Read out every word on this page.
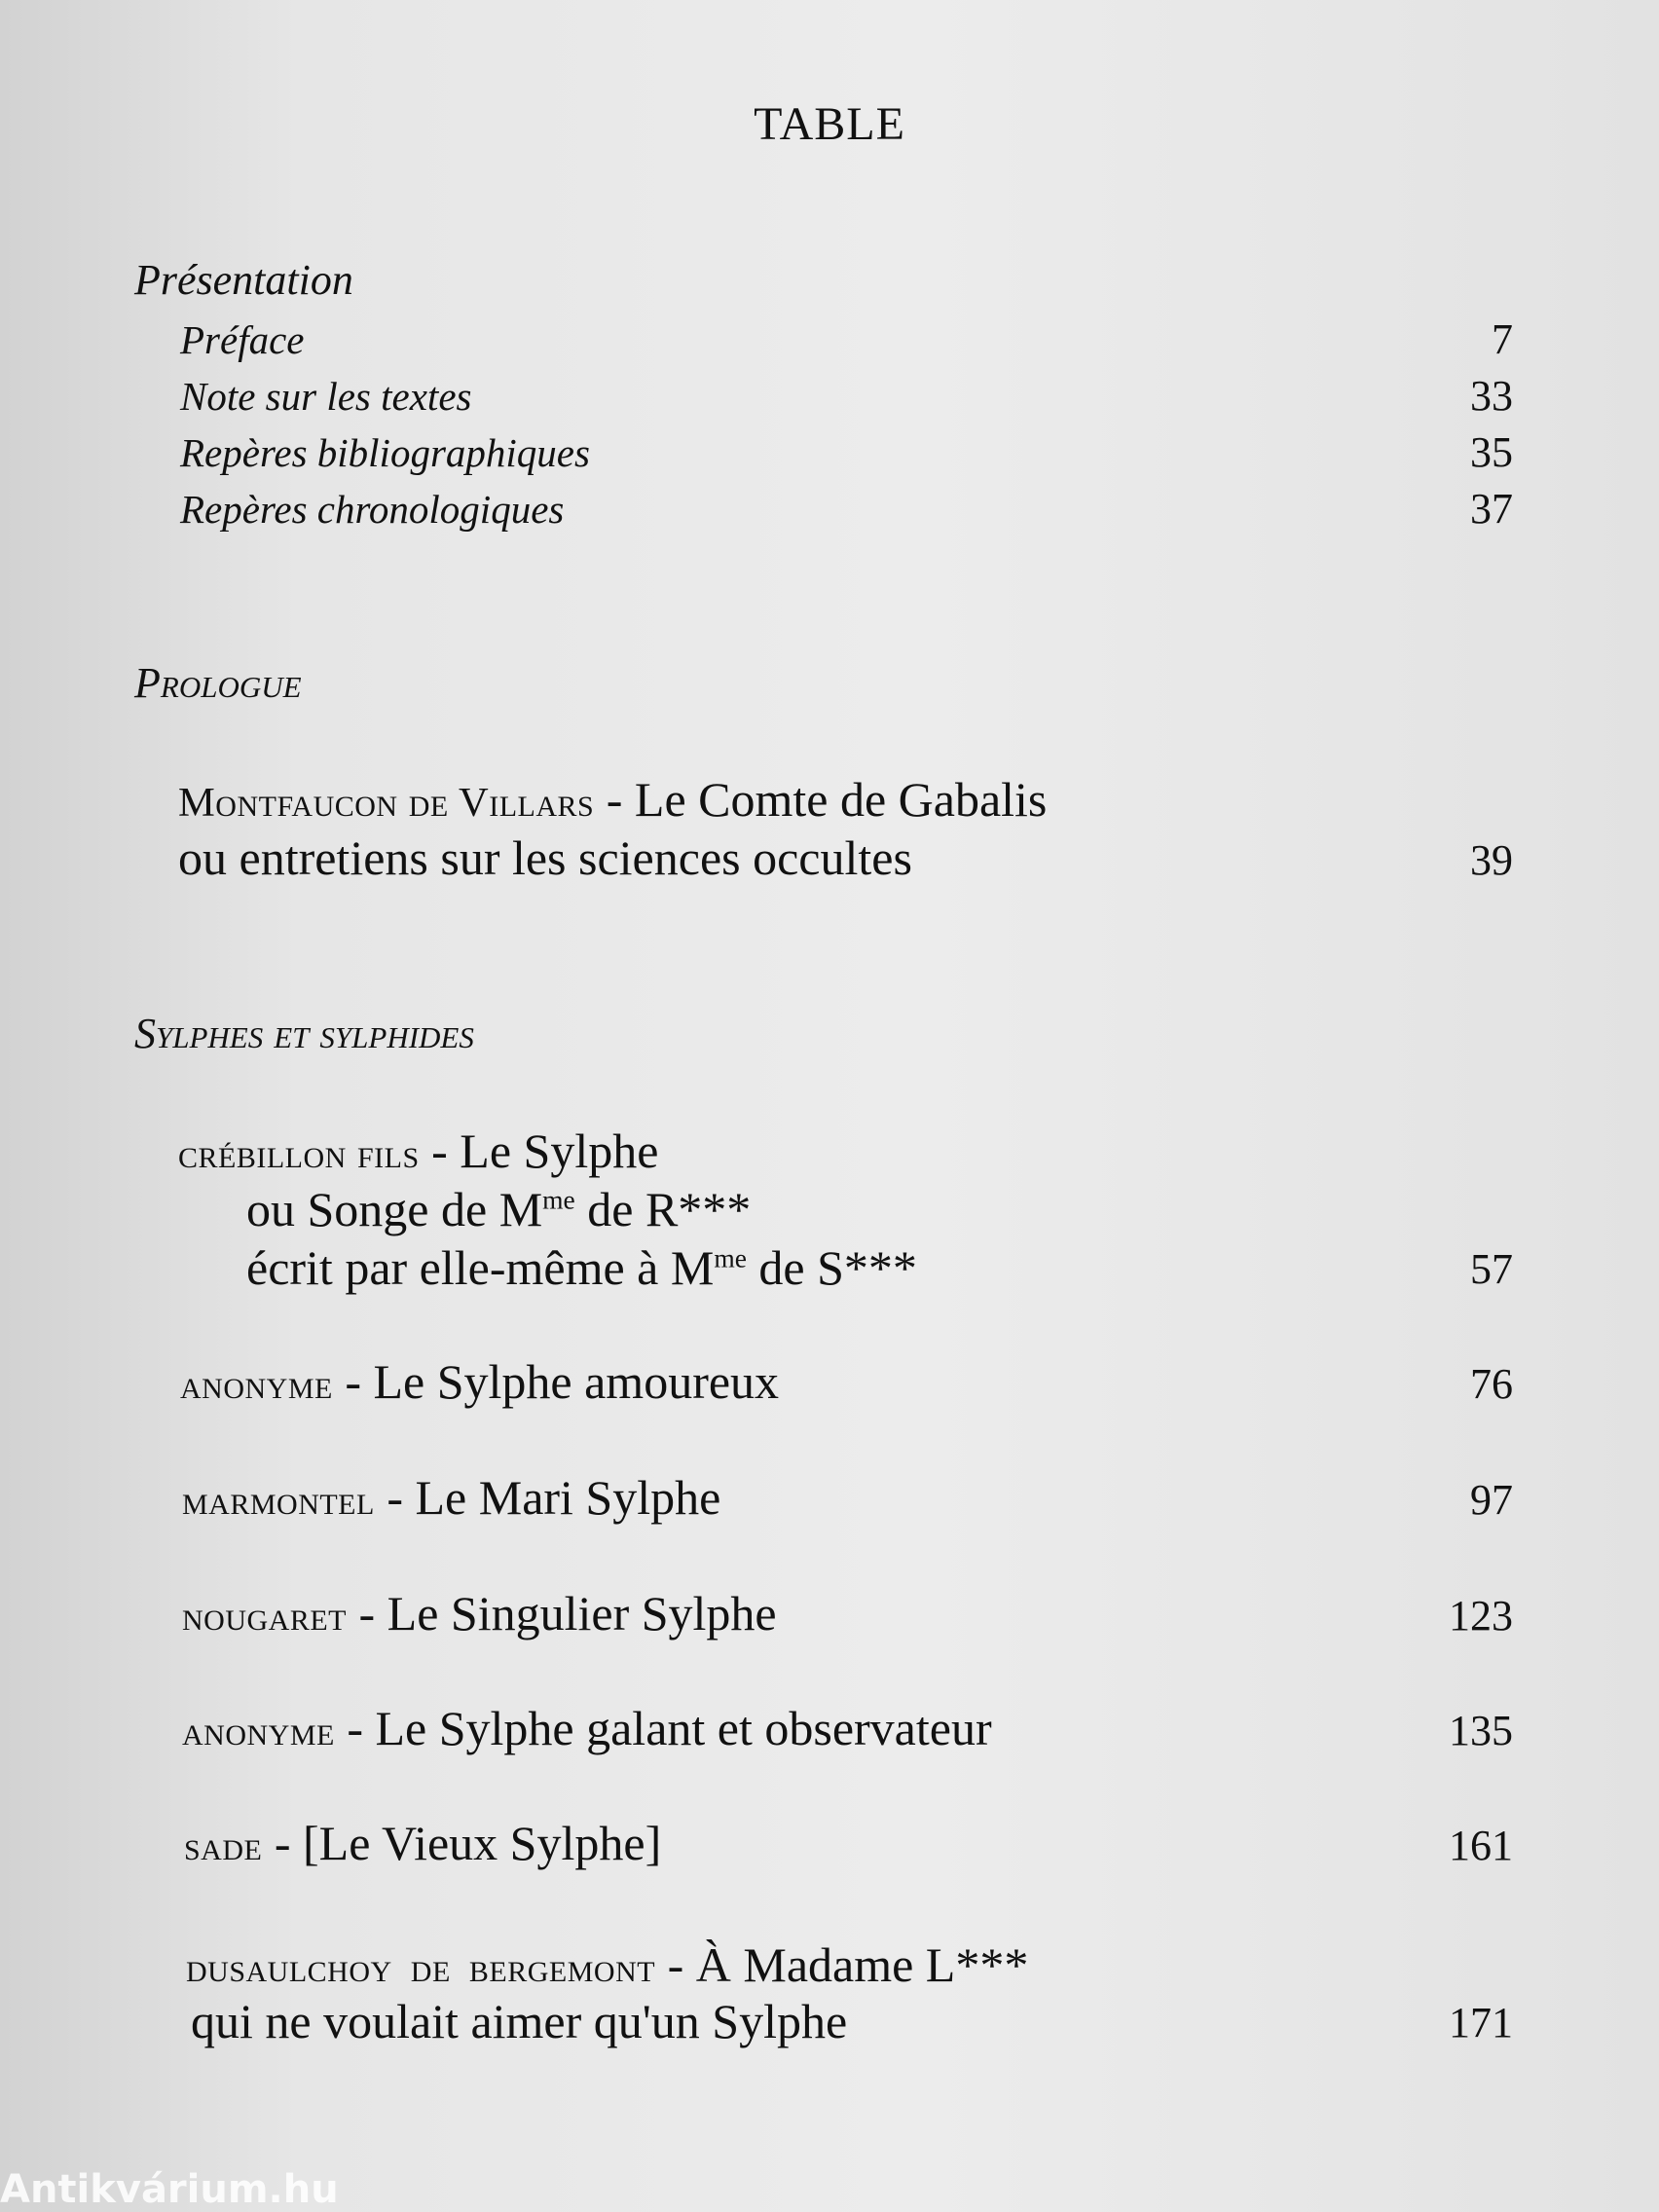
TABLE
Présentation
Préface	7
Note sur les textes	33
Repères bibliographiques	35
Repères chronologiques	37
Prologue
Montfaucon de Villars - Le Comte de Gabalis
ou entretiens sur les sciences occultes	39
Sylphes et sylphides
crébillon fils - Le Sylphe
ou Songe de $M^{me}$ de R***
écrit par elle-même à $M^{me}$ de S***	57
anonyme - Le Sylphe amoureux	76
marmontel - Le Mari Sylphe	97
nougaret - Le Singulier Sylphe	123
anonyme - Le Sylphe galant et observateur	135
sade - [Le Vieux Sylphe]	161
dusaulchoy de bergemont - À Madame L***
qui ne voulait aimer qu'un Sylphe	171
Antikvárium.hu
